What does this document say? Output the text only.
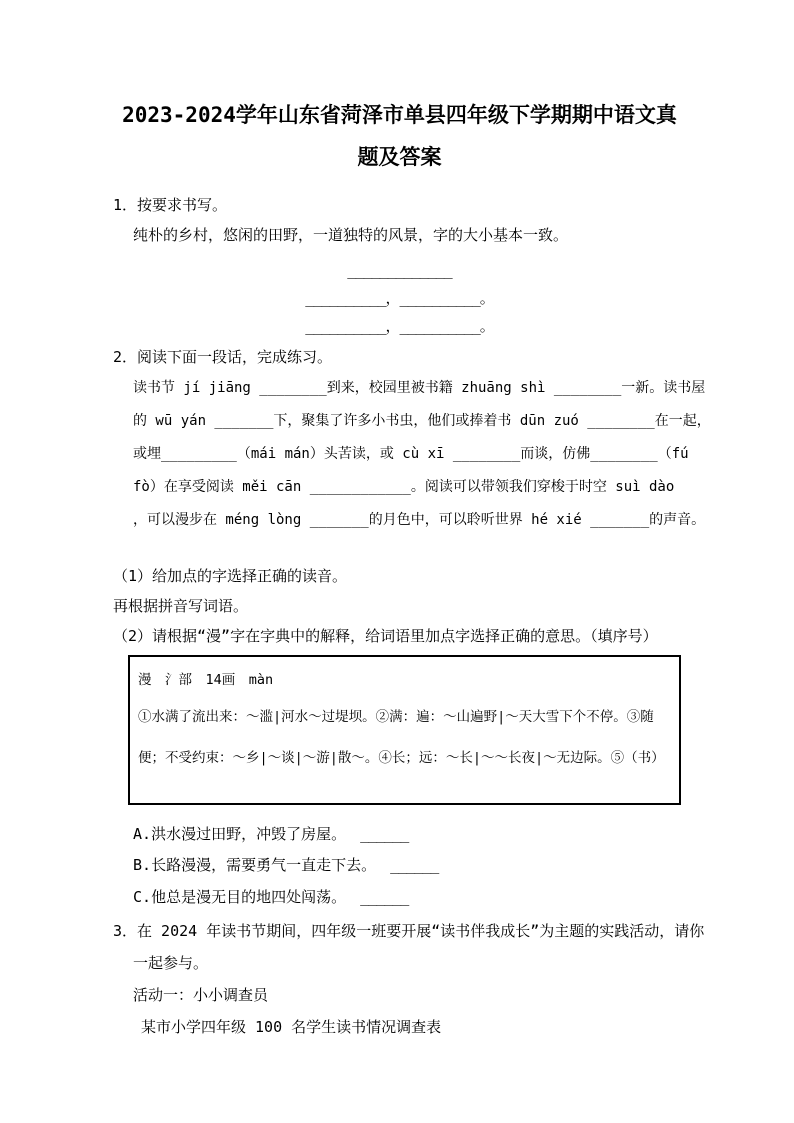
2023-2024学年山东省菏泽市单县四年级下学期期中语文真
题及答案
1．按要求书写。
纯朴的乡村，悠闲的田野，一道独特的风景，字的大小基本一致。
_____________
__________，__________。
__________，__________。
2．阅读下面一段话，完成练习。
读书节 jí jiāng ________到来，校园里被书籍 zhuāng shì ________一新。读书屋
的 wū yán _______下，聚集了许多小书虫，他们或捧着书 dūn zuó ________在一起，
或埋_________（mái mán）头苦读，或 cù xī ________而谈，仿佛________（fú
fò）在享受阅读 měi cān ____________。阅读可以带领我们穿梭于时空 suì dào
，可以漫步在 méng lòng _______的月色中，可以聆听世界 hé xié _______的声音。
（1）给加点的字选择正确的读音。
再根据拼音写词语。
（2）请根据“漫”字在字典中的解释，给词语里加点字选择正确的意思。（填序号）
漫　氵部　14画　màn
①水满了流出来：～滥|河水～过堤坝。②满：遍：～山遍野|～天大雪下个不停。③随
便；不受约束：～乡|～谈|～游|散～。④长；远：～长|～～长夜|～无边际。⑤（书）
A.洪水漫过田野，冲毁了房屋。 ______
B.长路漫漫，需要勇气一直走下去。 ______
C.他总是漫无目的地四处闯荡。 ______
3．在 2024 年读书节期间，四年级一班要开展“读书伴我成长”为主题的实践活动，请你
一起参与。
活动一：小小调查员
某市小学四年级 100 名学生读书情况调查表
